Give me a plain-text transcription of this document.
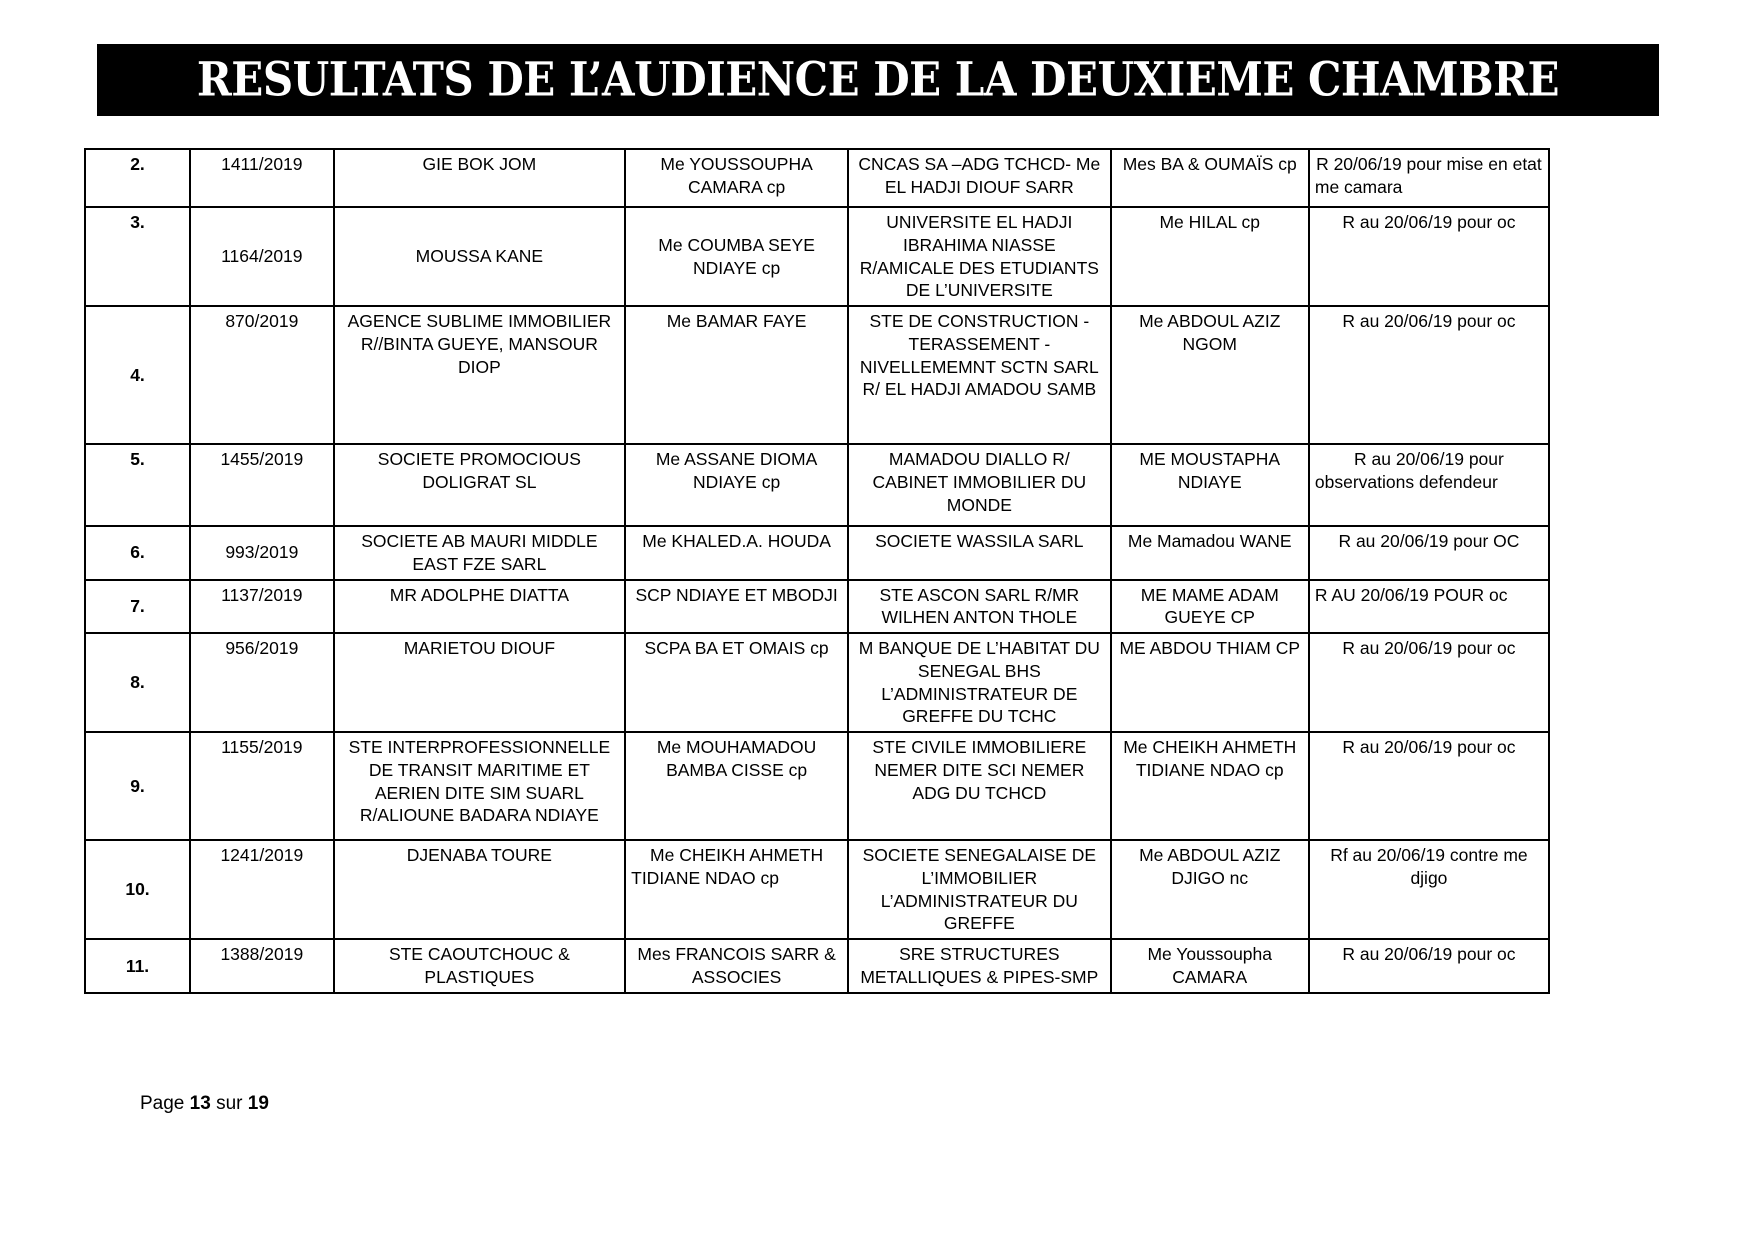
RESULTATS DE L’AUDIENCE DE LA DEUXIEME CHAMBRE
2.	1411/2019	GIE BOK JOM	Me YOUSSOUPHA CAMARA cp	CNCAS SA –ADG TCHCD- Me EL HADJI DIOUF SARR	Mes BA & OUMAÏS cp	R 20/06/19 pour mise en etat me camara
3.	1164/2019	MOUSSA KANE	Me COUMBA SEYE NDIAYE cp	UNIVERSITE EL HADJI IBRAHIMA NIASSE R/AMICALE DES ETUDIANTS DE L’UNIVERSITE	Me HILAL cp	R au 20/06/19 pour oc
4.	870/2019	AGENCE SUBLIME IMMOBILIER R//BINTA GUEYE, MANSOUR DIOP	Me BAMAR FAYE	STE DE CONSTRUCTION - TERASSEMENT - NIVELLEMEMNT SCTN SARL R/ EL HADJI AMADOU SAMB	Me ABDOUL AZIZ NGOM	R au 20/06/19 pour oc
5.	1455/2019	SOCIETE PROMOCIOUS DOLIGRAT SL	Me ASSANE DIOMA NDIAYE cp	MAMADOU DIALLO R/ CABINET IMMOBILIER DU MONDE	ME MOUSTAPHA NDIAYE	R au 20/06/19 pour observations defendeur
6.	993/2019	SOCIETE AB MAURI MIDDLE EAST FZE SARL	Me KHALED.A. HOUDA	SOCIETE WASSILA SARL	Me Mamadou WANE	R au 20/06/19 pour OC
7.	1137/2019	MR ADOLPHE DIATTA	SCP NDIAYE ET MBODJI	STE ASCON SARL R/MR WILHEN ANTON THOLE	ME MAME ADAM GUEYE CP	R AU 20/06/19 POUR oc
8.	956/2019	MARIETOU DIOUF	SCPA BA ET OMAIS cp	M BANQUE DE L’HABITAT DU SENEGAL BHS L’ADMINISTRATEUR DE GREFFE DU TCHC	ME ABDOU THIAM CP	R au 20/06/19 pour oc
9.	1155/2019	STE INTERPROFESSIONNELLE DE TRANSIT MARITIME ET AERIEN DITE SIM SUARL R/ALIOUNE BADARA NDIAYE	Me MOUHAMADOU BAMBA CISSE cp	STE CIVILE IMMOBILIERE NEMER DITE SCI NEMER ADG DU TCHCD	Me CHEIKH AHMETH TIDIANE NDAO cp	R au 20/06/19 pour oc
10.	1241/2019	DJENABA TOURE	Me CHEIKH AHMETH TIDIANE NDAO cp	SOCIETE SENEGALAISE DE L’IMMOBILIER L’ADMINISTRATEUR DU GREFFE	Me ABDOUL AZIZ DJIGO nc	Rf au 20/06/19 contre me djigo
11.	1388/2019	STE CAOUTCHOUC & PLASTIQUES	Mes FRANCOIS SARR & ASSOCIES	SRE STRUCTURES METALLIQUES & PIPES-SMP	Me Youssoupha CAMARA	R au 20/06/19 pour oc
Page 13 sur 19
